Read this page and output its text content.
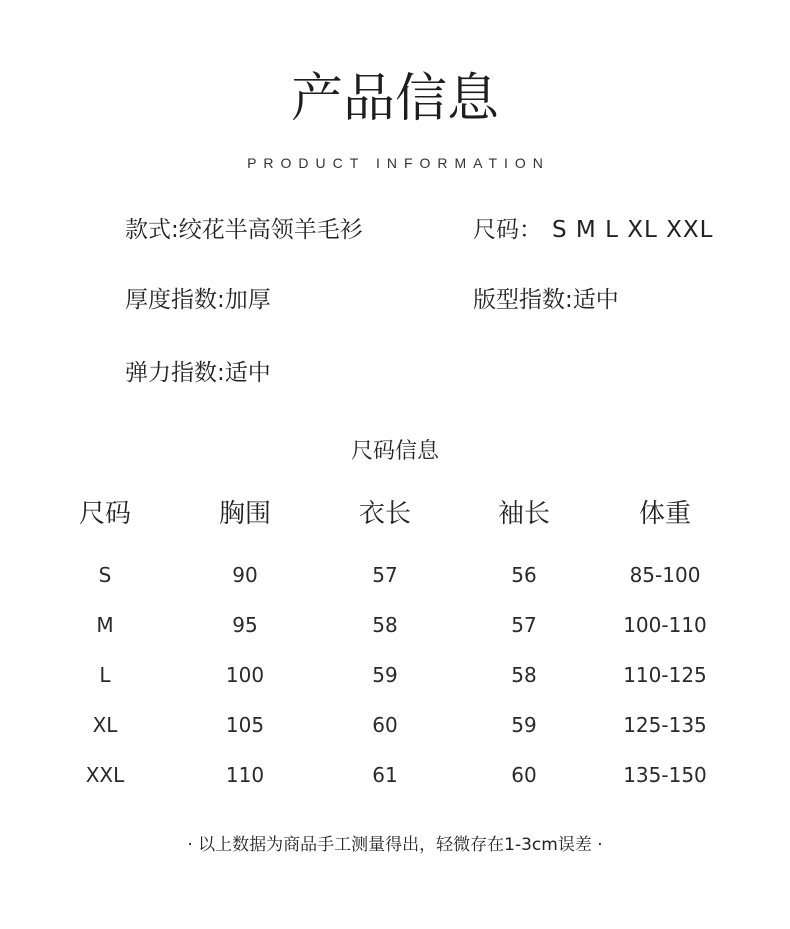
产品信息
PRODUCT INFORMATION
款式:绞花半高领羊毛衫	尺码： S M L XL XXL
厚度指数:加厚	版型指数:适中
弹力指数:适中
尺码信息
尺码	胸围	衣长	袖长	体重
S	90	57	56	85-100
M	95	58	57	100-110
L	100	59	58	110-125
XL	105	60	59	125-135
XXL	110	61	60	135-150
· 以上数据为商品手工测量得出，轻微存在1-3cm误差 ·
